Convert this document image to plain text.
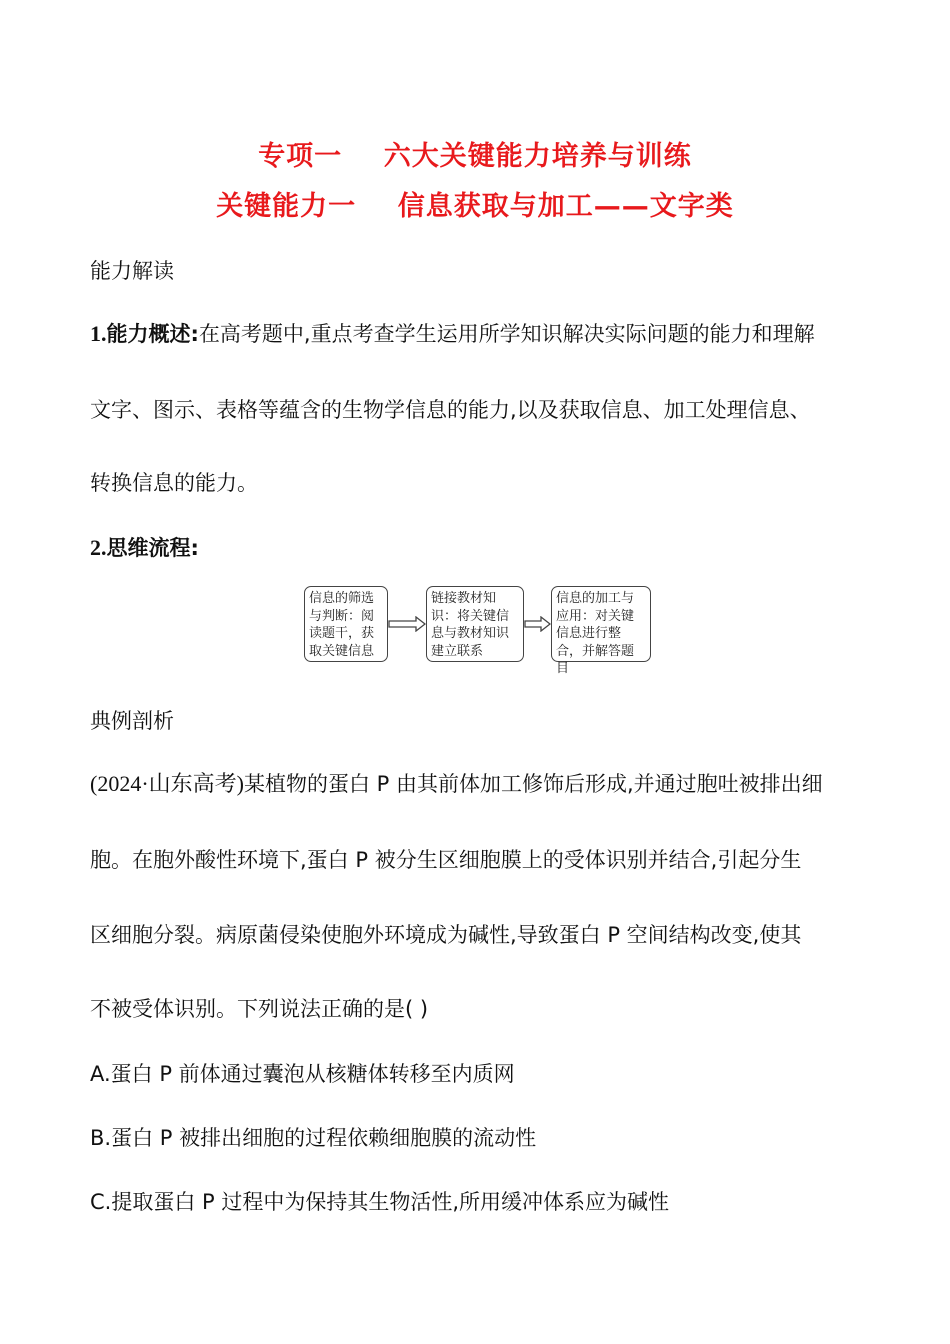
专项一    六大关键能力培养与训练
关键能力一    信息获取与加工——文字类
能力解读
1.能力概述:在高考题中,重点考查学生运用所学知识解决实际问题的能力和理解
文字、图示、表格等蕴含的生物学信息的能力,以及获取信息、加工处理信息、
转换信息的能力。
2.思维流程:
信息的筛选与判断：阅读题干，获取关键信息
链接教材知识：将关键信息与教材知识建立联系
信息的加工与应用：对关键信息进行整合，并解答题目
典例剖析
(2024·山东高考)某植物的蛋白 P 由其前体加工修饰后形成,并通过胞吐被排出细
胞。在胞外酸性环境下,蛋白 P 被分生区细胞膜上的受体识别并结合,引起分生
区细胞分裂。病原菌侵染使胞外环境成为碱性,导致蛋白 P 空间结构改变,使其
不被受体识别。下列说法正确的是( )
A.蛋白 P 前体通过囊泡从核糖体转移至内质网
B.蛋白 P 被排出细胞的过程依赖细胞膜的流动性
C.提取蛋白 P 过程中为保持其生物活性,所用缓冲体系应为碱性
